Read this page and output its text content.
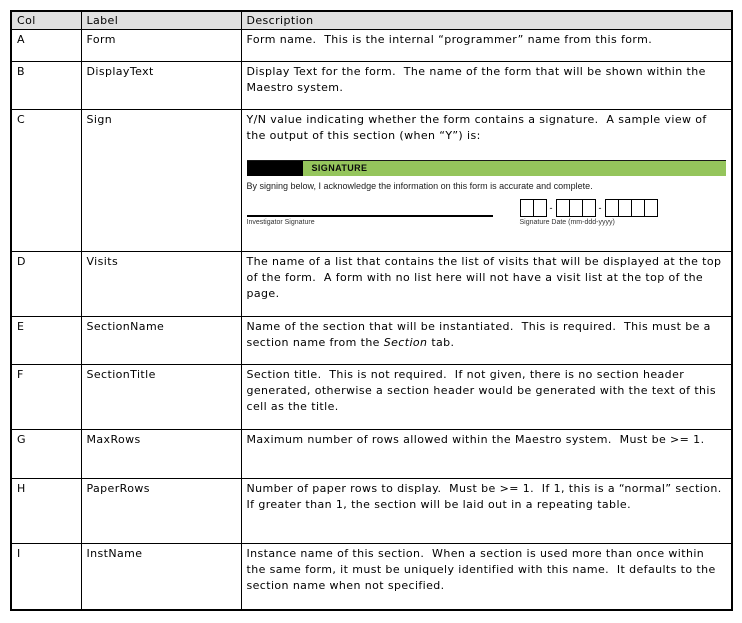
Col	Label	Description
A	Form	Form name.  This is the internal “programmer” name from this form.
B	DisplayText	Display Text for the form.  The name of the form that will be shown within the Maestro system.
C	Sign	Y/N value indicating whether the form contains a signature.  A sample view of the output of this section (when “Y”) is:
SIGNATURE
By signing below, I acknowledge the information on this form is accurate and complete.
Investigator Signature
-	-
Signature Date (mm-ddd-yyyy)

D	Visits	The name of a list that contains the list of visits that will be displayed at the top of the form.  A form with no list here will not have a visit list at the top of the page.
E	SectionName	Name of the section that will be instantiated.  This is required.  This must be a section name from the Section tab.
F	SectionTitle	Section title.  This is not required.  If not given, there is no section header generated, otherwise a section header would be generated with the text of this cell as the title.
G	MaxRows	Maximum number of rows allowed within the Maestro system.  Must be >= 1.
H	PaperRows	Number of paper rows to display.  Must be >= 1.  If 1, this is a “normal” section.  If greater than 1, the section will be laid out in a repeating table.
I	InstName	Instance name of this section.  When a section is used more than once within the same form, it must be uniquely identified with this name.  It defaults to the section name when not specified.
